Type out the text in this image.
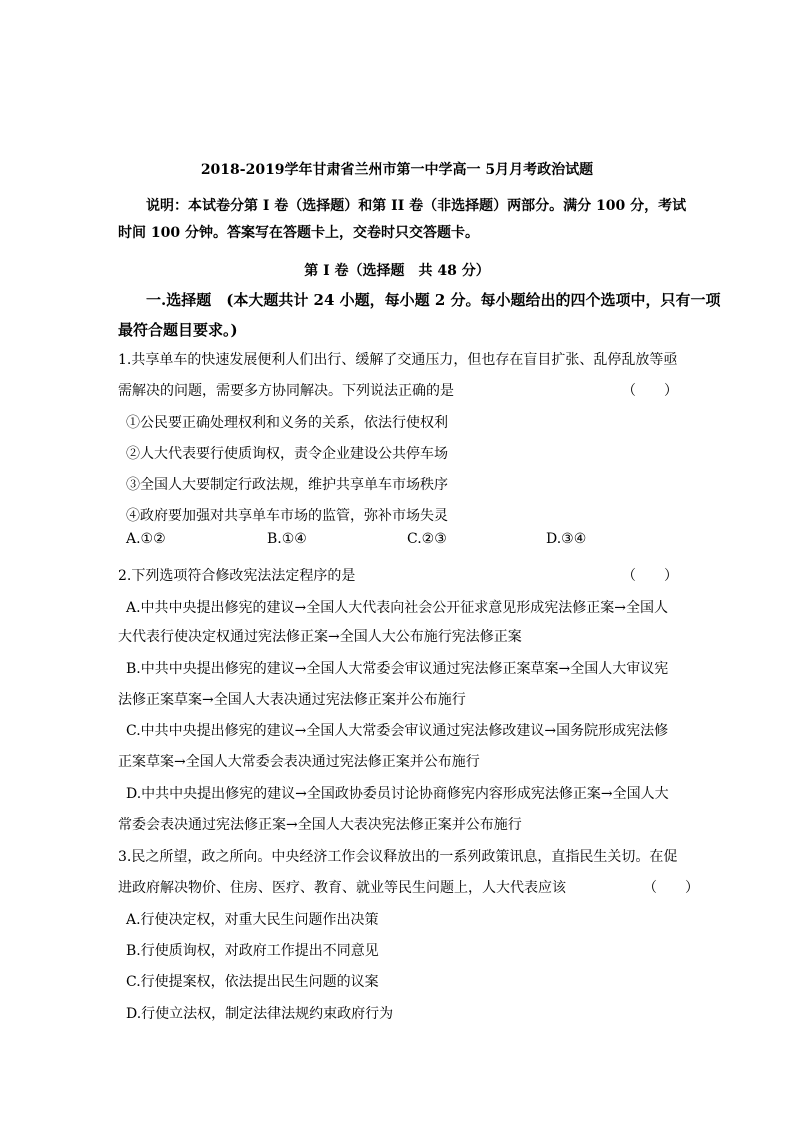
2018-2019学年甘肃省兰州市第一中学高一 5月月考政治试题
说明：本试卷分第 I 卷（选择题）和第 II 卷（非选择题）两部分。满分 100 分，考试
时间 100 分钟。答案写在答题卡上，交卷时只交答题卡。
第 I 卷（选择题　共 48 分）
一.选择题　(本大题共计 24 小题，每小题 2 分。每小题给出的四个选项中，只有一项
最符合题目要求。)
1.共享单车的快速发展便利人们出行、缓解了交通压力，但也存在盲目扩张、乱停乱放等亟
需解决的问题，需要多方协同解决。下列说法正确的是	（　　）
①公民要正确处理权利和义务的关系，依法行使权利
②人大代表要行使质询权，责令企业建设公共停车场
③全国人大要制定行政法规，维护共享单车市场秩序
④政府要加强对共享单车市场的监管，弥补市场失灵
A.①②	B.①④	C.②③	D.③④
2.下列选项符合修改宪法法定程序的是	（　　）
A.中共中央提出修宪的建议→全国人大代表向社会公开征求意见形成宪法修正案→全国人
大代表行使决定权通过宪法修正案→全国人大公布施行宪法修正案
B.中共中央提出修宪的建议→全国人大常委会审议通过宪法修正案草案→全国人大审议宪
法修正案草案→全国人大表决通过宪法修正案并公布施行
C.中共中央提出修宪的建议→全国人大常委会审议通过宪法修改建议→国务院形成宪法修
正案草案→全国人大常委会表决通过宪法修正案并公布施行
D.中共中央提出修宪的建议→全国政协委员讨论协商修宪内容形成宪法修正案→全国人大
常委会表决通过宪法修正案→全国人大表决宪法修正案并公布施行
3.民之所望，政之所向。中央经济工作会议释放出的一系列政策讯息，直指民生关切。在促
进政府解决物价、住房、医疗、教育、就业等民生问题上，人大代表应该	（　　）
A.行使决定权，对重大民生问题作出决策
B.行使质询权，对政府工作提出不同意见
C.行使提案权，依法提出民生问题的议案
D.行使立法权，制定法律法规约束政府行为
